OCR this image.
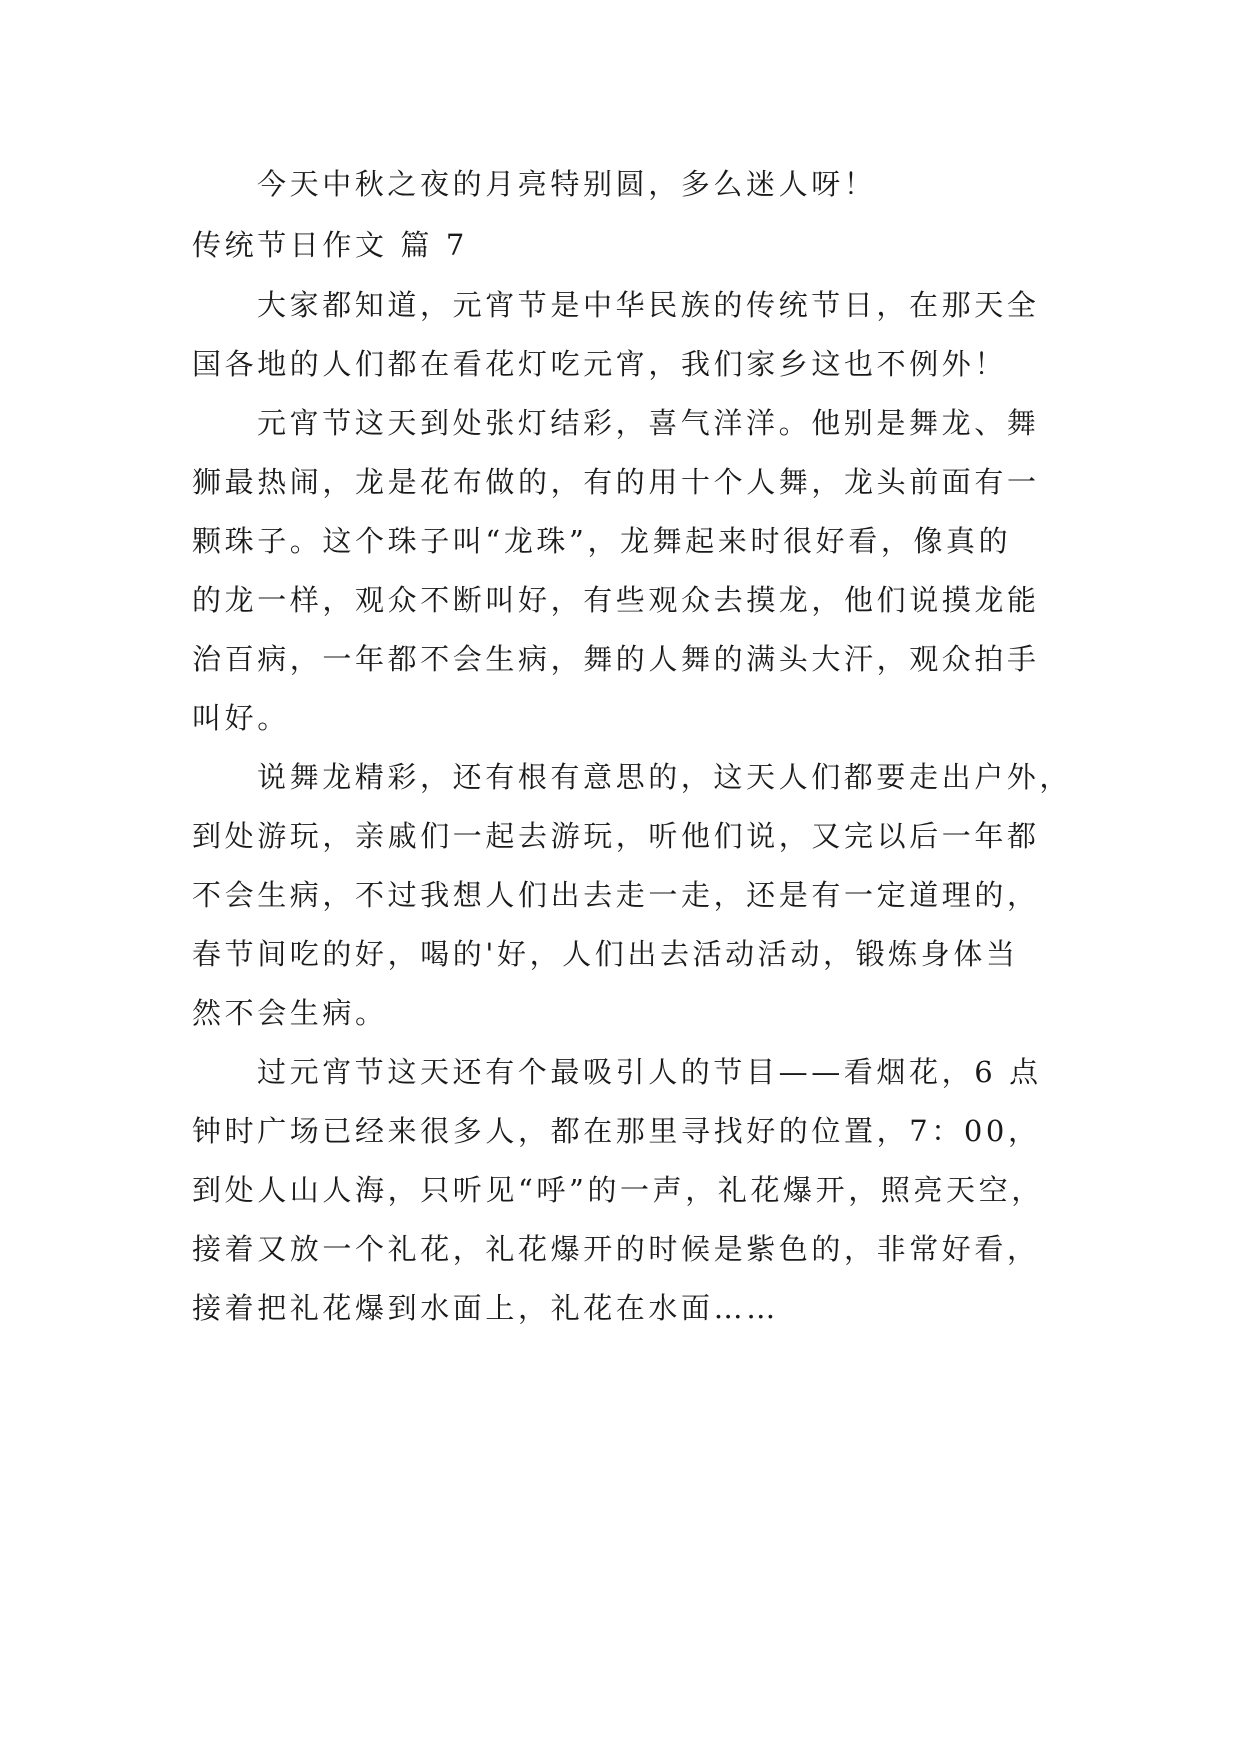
今天中秋之夜的月亮特别圆，多么迷人呀！
传统节日作文 篇 7
大家都知道，元宵节是中华民族的传统节日，在那天全
国各地的人们都在看花灯吃元宵，我们家乡这也不例外！
元宵节这天到处张灯结彩，喜气洋洋。他别是舞龙、舞
狮最热闹，龙是花布做的，有的用十个人舞，龙头前面有一
颗珠子。这个珠子叫“龙珠”，龙舞起来时很好看，像真的
的龙一样，观众不断叫好，有些观众去摸龙，他们说摸龙能
治百病，一年都不会生病，舞的人舞的满头大汗，观众拍手
叫好。
说舞龙精彩，还有根有意思的，这天人们都要走出户外，
到处游玩，亲戚们一起去游玩，听他们说，又完以后一年都
不会生病，不过我想人们出去走一走，还是有一定道理的，
春节间吃的好，喝的'好，人们出去活动活动，锻炼身体当
然不会生病。
过元宵节这天还有个最吸引人的节目——看烟花，6 点
钟时广场已经来很多人，都在那里寻找好的位置，7：00，
到处人山人海，只听见“呼”的一声，礼花爆开，照亮天空，
接着又放一个礼花，礼花爆开的时候是紫色的，非常好看，
接着把礼花爆到水面上，礼花在水面……
